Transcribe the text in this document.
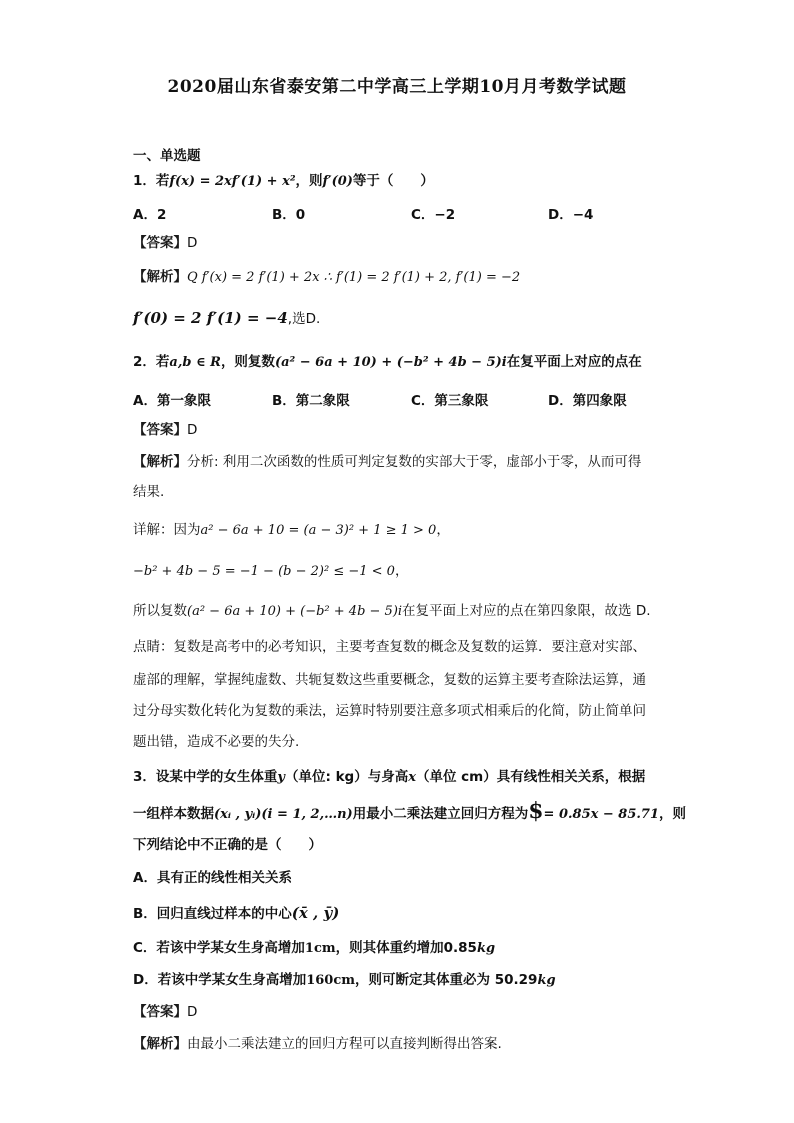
2020届山东省泰安第二中学高三上学期10月月考数学试题
一、单选题
1．若f(x) = 2xf′(1) + x²，则f′(0)等于（　　）
A．2	B．0	C．−2	D．−4
【答案】D
【解析】Q f′(x) = 2 f′(1) + 2x ∴ f′(1) = 2 f′(1) + 2, f′(1) = −2
f′(0) = 2 f′(1) = −4,选D.
2．若a,b ∈ R，则复数(a² − 6a + 10) + (−b² + 4b − 5)i在复平面上对应的点在
A．第一象限	B．第二象限	C．第三象限	D．第四象限
【答案】D
【解析】分析: 利用二次函数的性质可判定复数的实部大于零，虚部小于零，从而可得
结果.
详解：因为a² − 6a + 10 = (a − 3)² + 1 ≥ 1 > 0，
−b² + 4b − 5 = −1 − (b − 2)² ≤ −1 < 0，
所以复数(a² − 6a + 10) + (−b² + 4b − 5)i在复平面上对应的点在第四象限，故选 D.
点睛：复数是高考中的必考知识，主要考查复数的概念及复数的运算．要注意对实部、
虚部的理解，掌握纯虚数、共轭复数这些重要概念，复数的运算主要考查除法运算，通
过分母实数化转化为复数的乘法，运算时特别要注意多项式相乘后的化简，防止简单问
题出错，造成不必要的失分.
3．设某中学的女生体重y（单位: kg）与身高x（单位 cm）具有线性相关关系，根据
一组样本数据(xᵢ , yᵢ)(i = 1, 2,…n)用最小二乘法建立回归方程为$= 0.85x − 85.71，则
下列结论中不正确的是（　　）
A．具有正的线性相关关系
B．回归直线过样本的中心(x̄ , ȳ)
C．若该中学某女生身高增加1cm，则其体重约增加0.85kg
D．若该中学某女生身高增加160cm，则可断定其体重必为 50.29kg
【答案】D
【解析】由最小二乘法建立的回归方程可以直接判断得出答案.
